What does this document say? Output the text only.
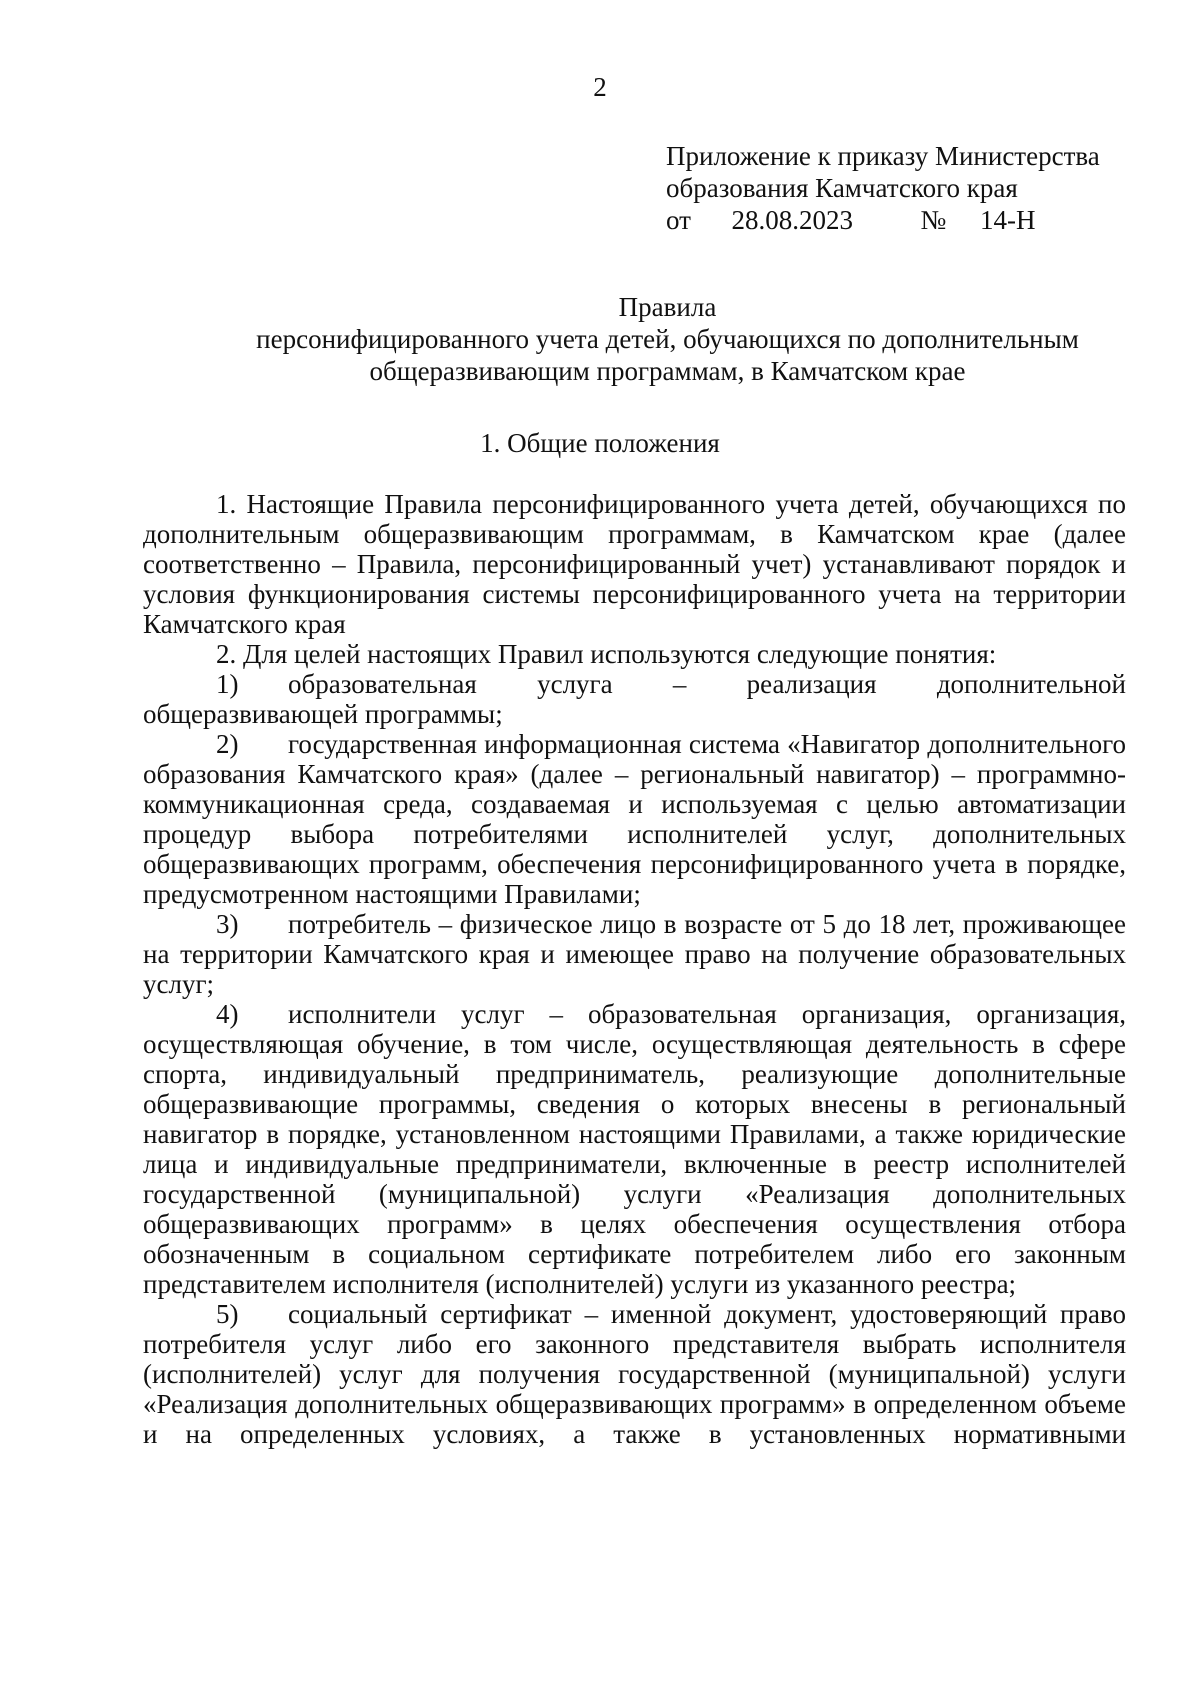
2
Приложение к приказу Министерства
образования Камчатского края
от      28.08.2023          №     14-Н
Правила
персонифицированного учета детей, обучающихся по дополнительным
общеразвивающим программам, в Камчатском крае
1. Общие положения

1. Настоящие Правила персонифицированного учета детей, обучающихся по дополнительным общеразвивающим программам, в Камчатском крае (далее соответственно – Правила, персонифицированный учет) устанавливают порядок и условия функционирования системы персонифицированного учета на территории Камчатского края

2. Для целей настоящих Правил используются следующие понятия:

1) образовательная услуга – реализация дополнительной общеразвивающей программы;

2) государственная информационная система «Навигатор дополнительного образования Камчатского края» (далее – региональный навигатор) – программно-коммуникационная среда, создаваемая и используемая с целью автоматизации процедур выбора потребителями исполнителей услуг, дополнительных общеразвивающих программ, обеспечения персонифицированного учета в порядке, предусмотренном настоящими Правилами;

3) потребитель – физическое лицо в возрасте от 5 до 18 лет, проживающее на территории Камчатского края и имеющее право на получение образовательных услуг;

4) исполнители услуг – образовательная организация, организация, осуществляющая обучение, в том числе, осуществляющая деятельность в сфере спорта, индивидуальный предприниматель, реализующие дополнительные общеразвивающие программы, сведения о которых внесены в региональный навигатор в порядке, установленном настоящими Правилами, а также юридические лица и индивидуальные предприниматели, включенные в реестр исполнителей государственной (муниципальной) услуги «Реализация дополнительных общеразвивающих программ» в целях обеспечения осуществления отбора обозначенным в социальном сертификате потребителем либо его законным представителем исполнителя (исполнителей) услуги из указанного реестра;

5) социальный сертификат – именной документ, удостоверяющий право потребителя услуг либо его законного представителя выбрать исполнителя (исполнителей) услуг для получения государственной (муниципальной) услуги «Реализация дополнительных общеразвивающих программ» в определенном объеме и на определенных условиях, а также в установленных нормативными
